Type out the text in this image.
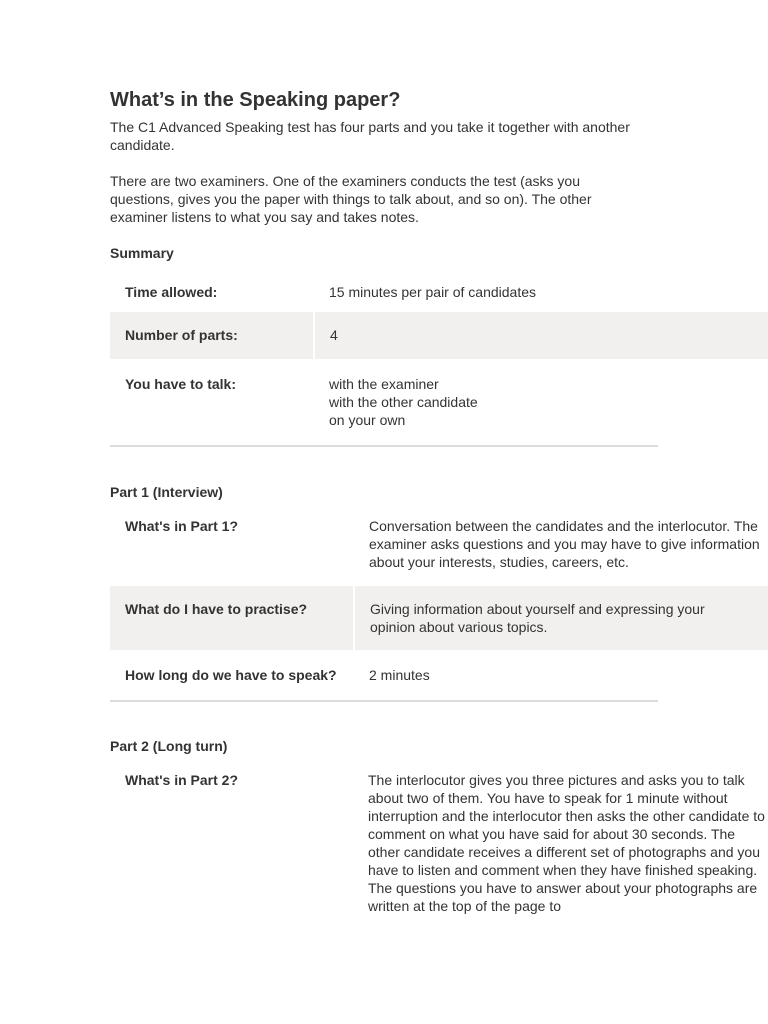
What’s in the Speaking paper?

The C1 Advanced Speaking test has four parts and you take it together with another candidate.

There are two examiners. One of the examiners conducts the test (asks you questions, gives you the paper with things to talk about, and so on). The other examiner listens to what you say and takes notes.

Summary
Time allowed:	15 minutes per pair of candidates
Number of parts:	4
You have to talk:	with the examiner
with the other candidate
on your own
Part 1 (Interview)
What's in Part 1?	Conversation between the candidates and the interlocutor. The examiner asks questions and you may have to give information about your interests, studies, careers, etc.
What do I have to practise?	Giving information about yourself and expressing your opinion about various topics.
How long do we have to speak?	2 minutes
Part 2 (Long turn)
What's in Part 2?	The interlocutor gives you three pictures and asks you to talk about two of them. You have to speak for 1 minute without interruption and the interlocutor then asks the other candidate to comment on what you have said for about 30 seconds. The other candidate receives a different set of photographs and you have to listen and comment when they have finished speaking. The questions you have to answer about your photographs are written at the top of the page to
